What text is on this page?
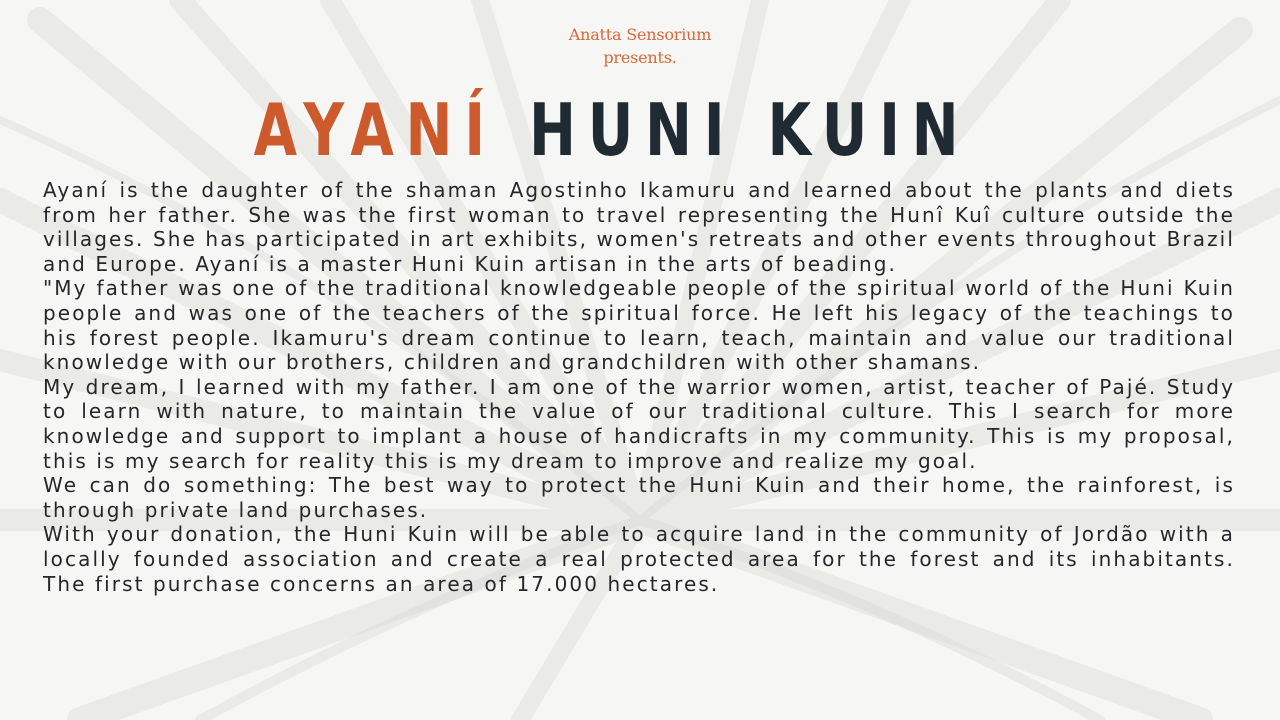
Anatta Sensorium
presents.
AYANÍ HUNI KUIN

Ayaní is the daughter of the shaman Agostinho Ikamuru and learned about the plants and diets from her father. She was the first woman to travel representing the Hunî Kuî culture outside the villages. She has participated in art exhibits, women's retreats and other events throughout Brazil and Europe. Ayaní is a master Huni Kuin artisan in the arts of beading.

"My father was one of the traditional knowledgeable people of the spiritual world of the Huni Kuin people and was one of the teachers of the spiritual force. He left his legacy of the teachings to his forest people. Ikamuru's dream continue to learn, teach, maintain and value our traditional knowledge with our brothers, children and grandchildren with other shamans.

My dream, I learned with my father. I am one of the warrior women, artist, teacher of Pajé. Study to learn with nature, to maintain the value of our traditional culture. This I search for more knowledge and support to implant a house of handicrafts in my community. This is my proposal, this is my search for reality this is my dream to improve and realize my goal.

We can do something: The best way to protect the Huni Kuin and their home, the rainforest, is through private land purchases.

With your donation, the Huni Kuin will be able to acquire land in the community of Jordão with a locally founded association and create a real protected area for the forest and its inhabitants. The first purchase concerns an area of 17.000 hectares.
